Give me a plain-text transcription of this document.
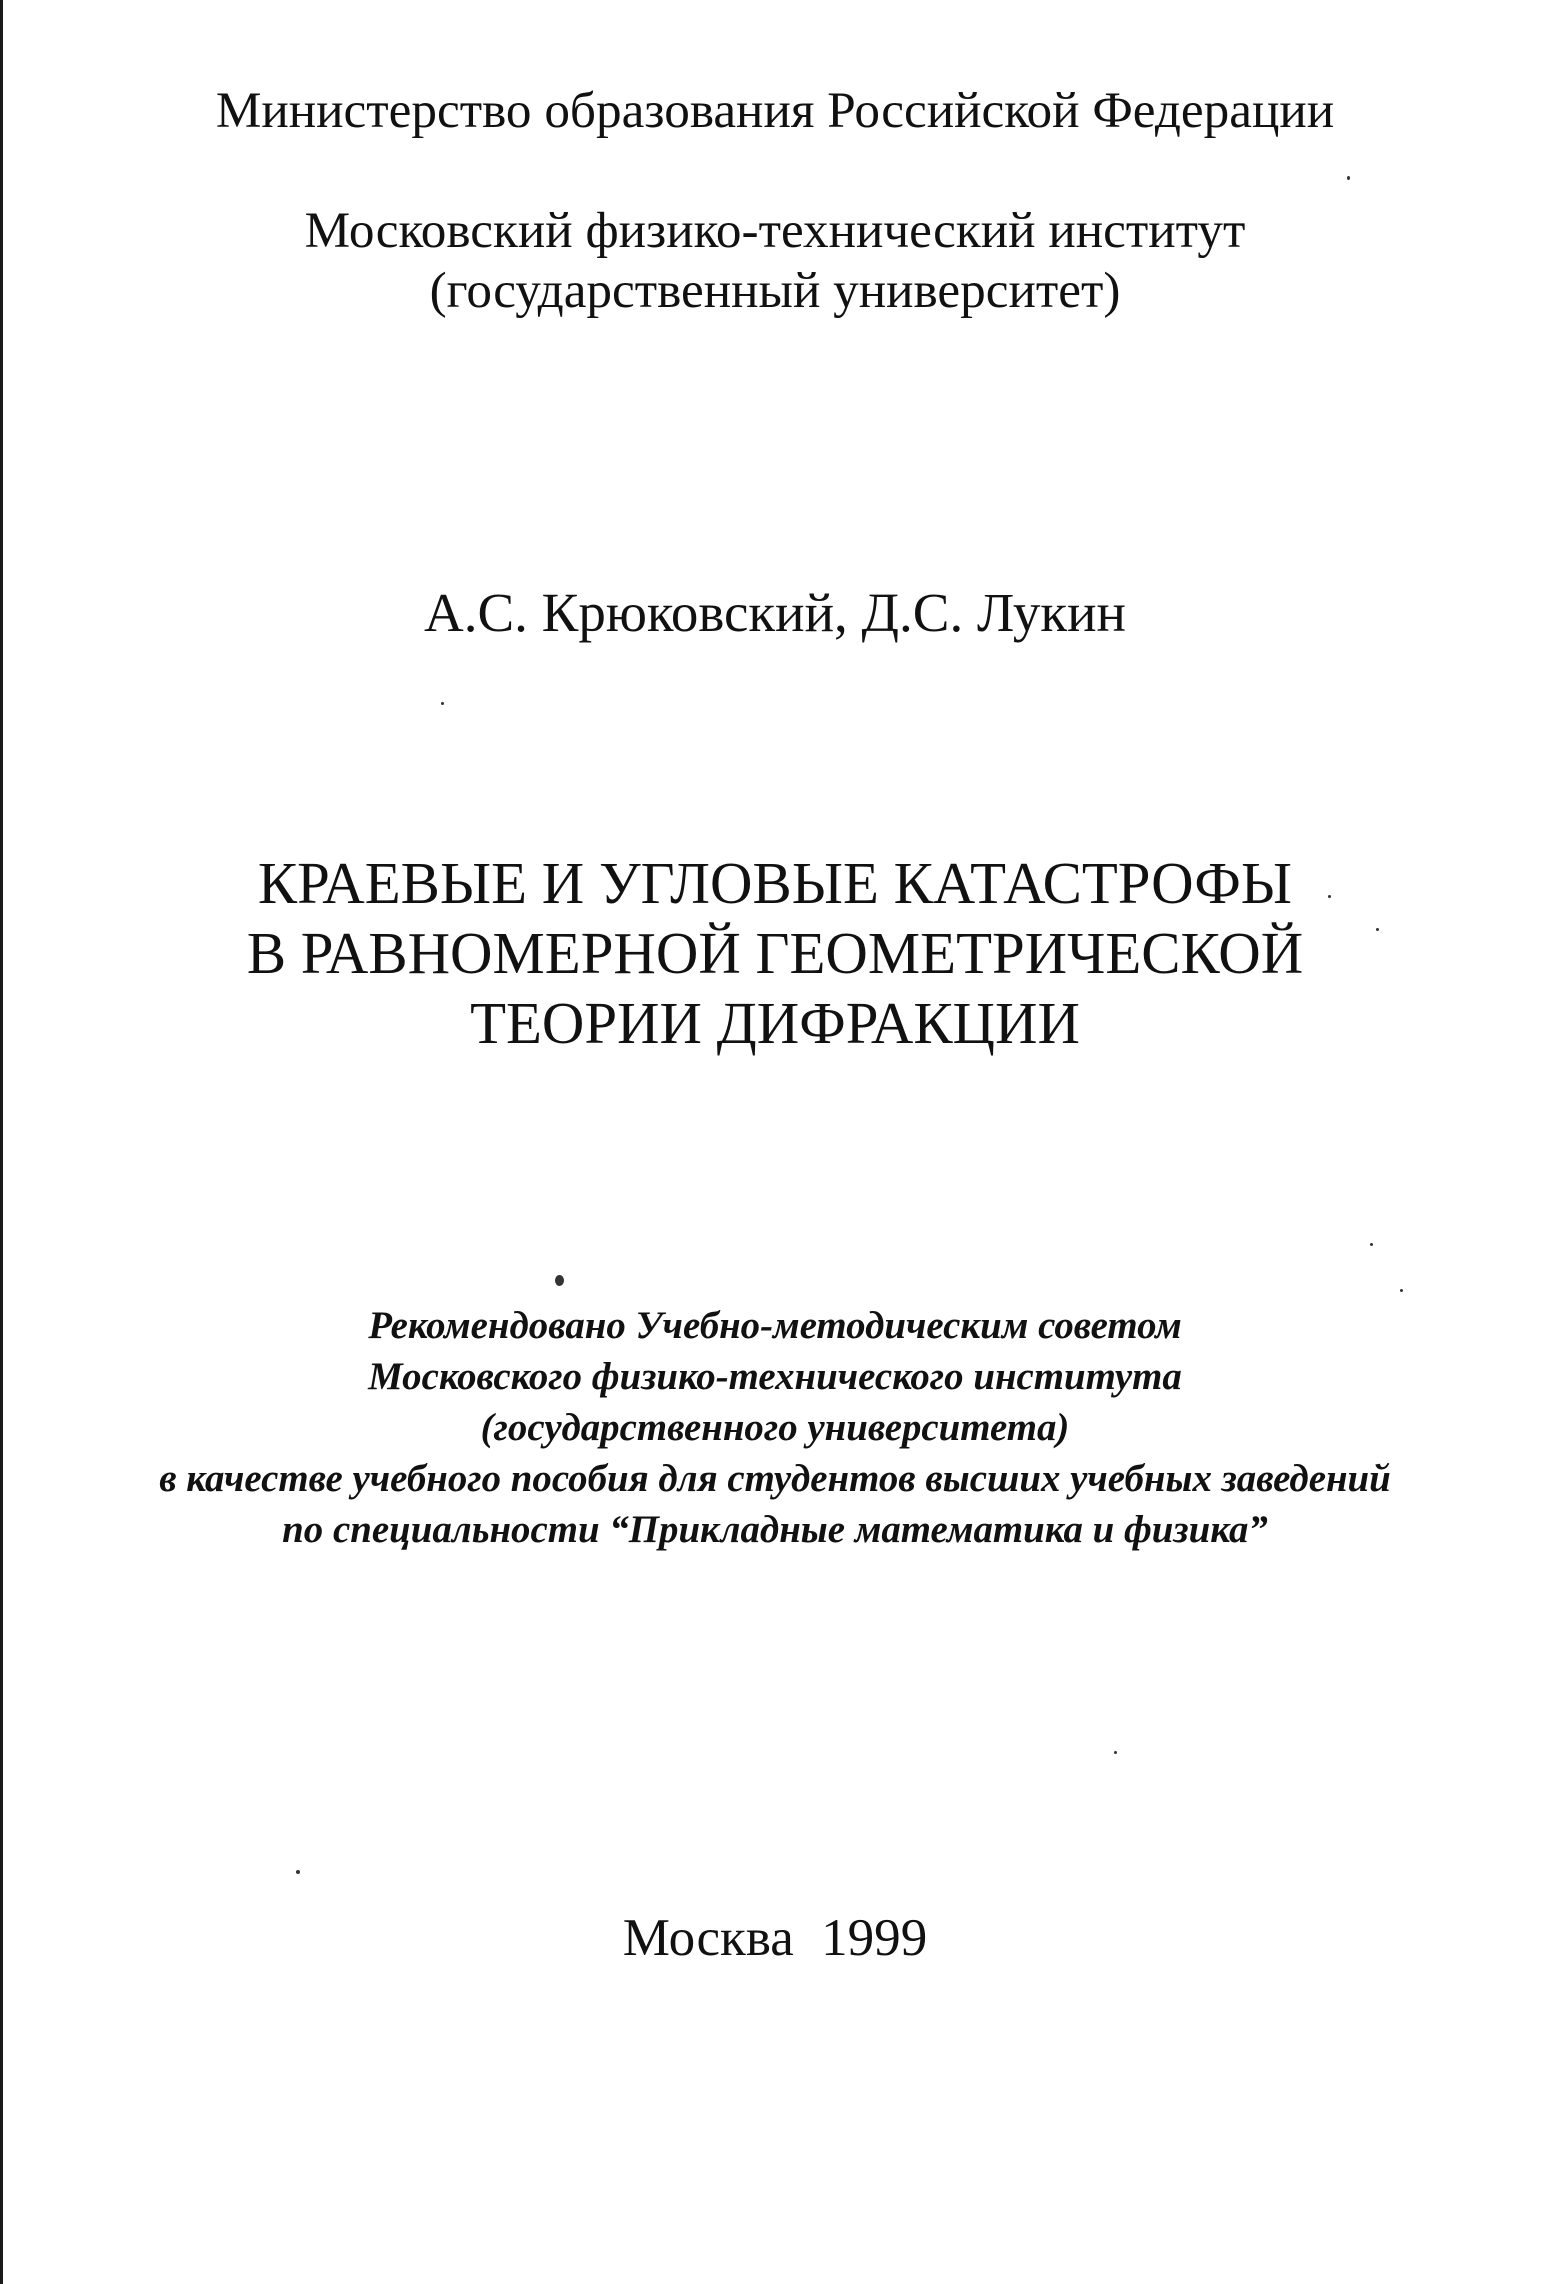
Министерство образования Российской Федерации
Московский физико-технический институт
(государственный университет)
А.С. Крюковский, Д.С. Лукин
КРАЕВЫЕ И УГЛОВЫЕ КАТАСТРОФЫ
В РАВНОМЕРНОЙ ГЕОМЕТРИЧЕСКОЙ
ТЕОРИИ ДИФРАКЦИИ
Рекомендовано Учебно-методическим советом
Московского физико-технического института
(государственного университета)
в качестве учебного пособия для студентов высших учебных заведений
по специальности “Прикладные математика и физика”
Москва 1999
